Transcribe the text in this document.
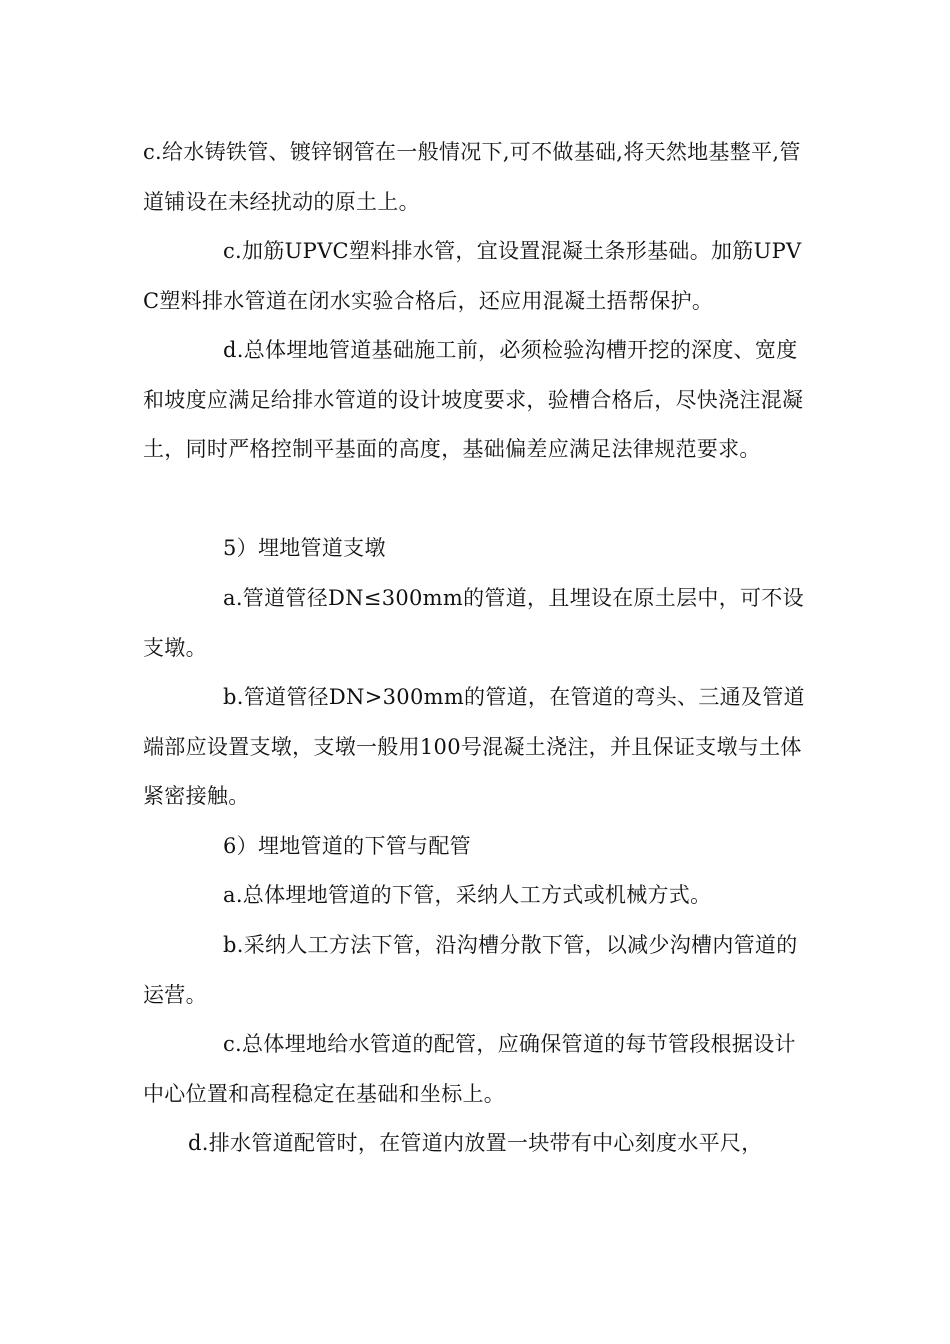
c.给水铸铁管、镀锌钢管在一般情况下,可不做基础,将天然地基整平,管道铺设在未经扰动的原土上。

c.加筋UPVC塑料排水管，宜设置混凝土条形基础。加筋UPVC塑料排水管道在闭水实验合格后，还应用混凝土捂帮保护。

d.总体埋地管道基础施工前，必须检验沟槽开挖的深度、宽度和坡度应满足给排水管道的设计坡度要求，验槽合格后，尽快浇注混凝土，同时严格控制平基面的高度，基础偏差应满足法律规范要求。

5）埋地管道支墩

a.管道管径DN≤300mm的管道，且埋设在原土层中，可不设支墩。

b.管道管径DN>300mm的管道，在管道的弯头、三通及管道端部应设置支墩，支墩一般用100号混凝土浇注，并且保证支墩与土体紧密接触。

6）埋地管道的下管与配管

a.总体埋地管道的下管，采纳人工方式或机械方式。

b.采纳人工方法下管，沿沟槽分散下管，以减少沟槽内管道的运营。

c.总体埋地给水管道的配管，应确保管道的每节管段根据设计中心位置和高程稳定在基础和坐标上。

d.排水管道配管时，在管道内放置一块带有中心刻度水平尺，
